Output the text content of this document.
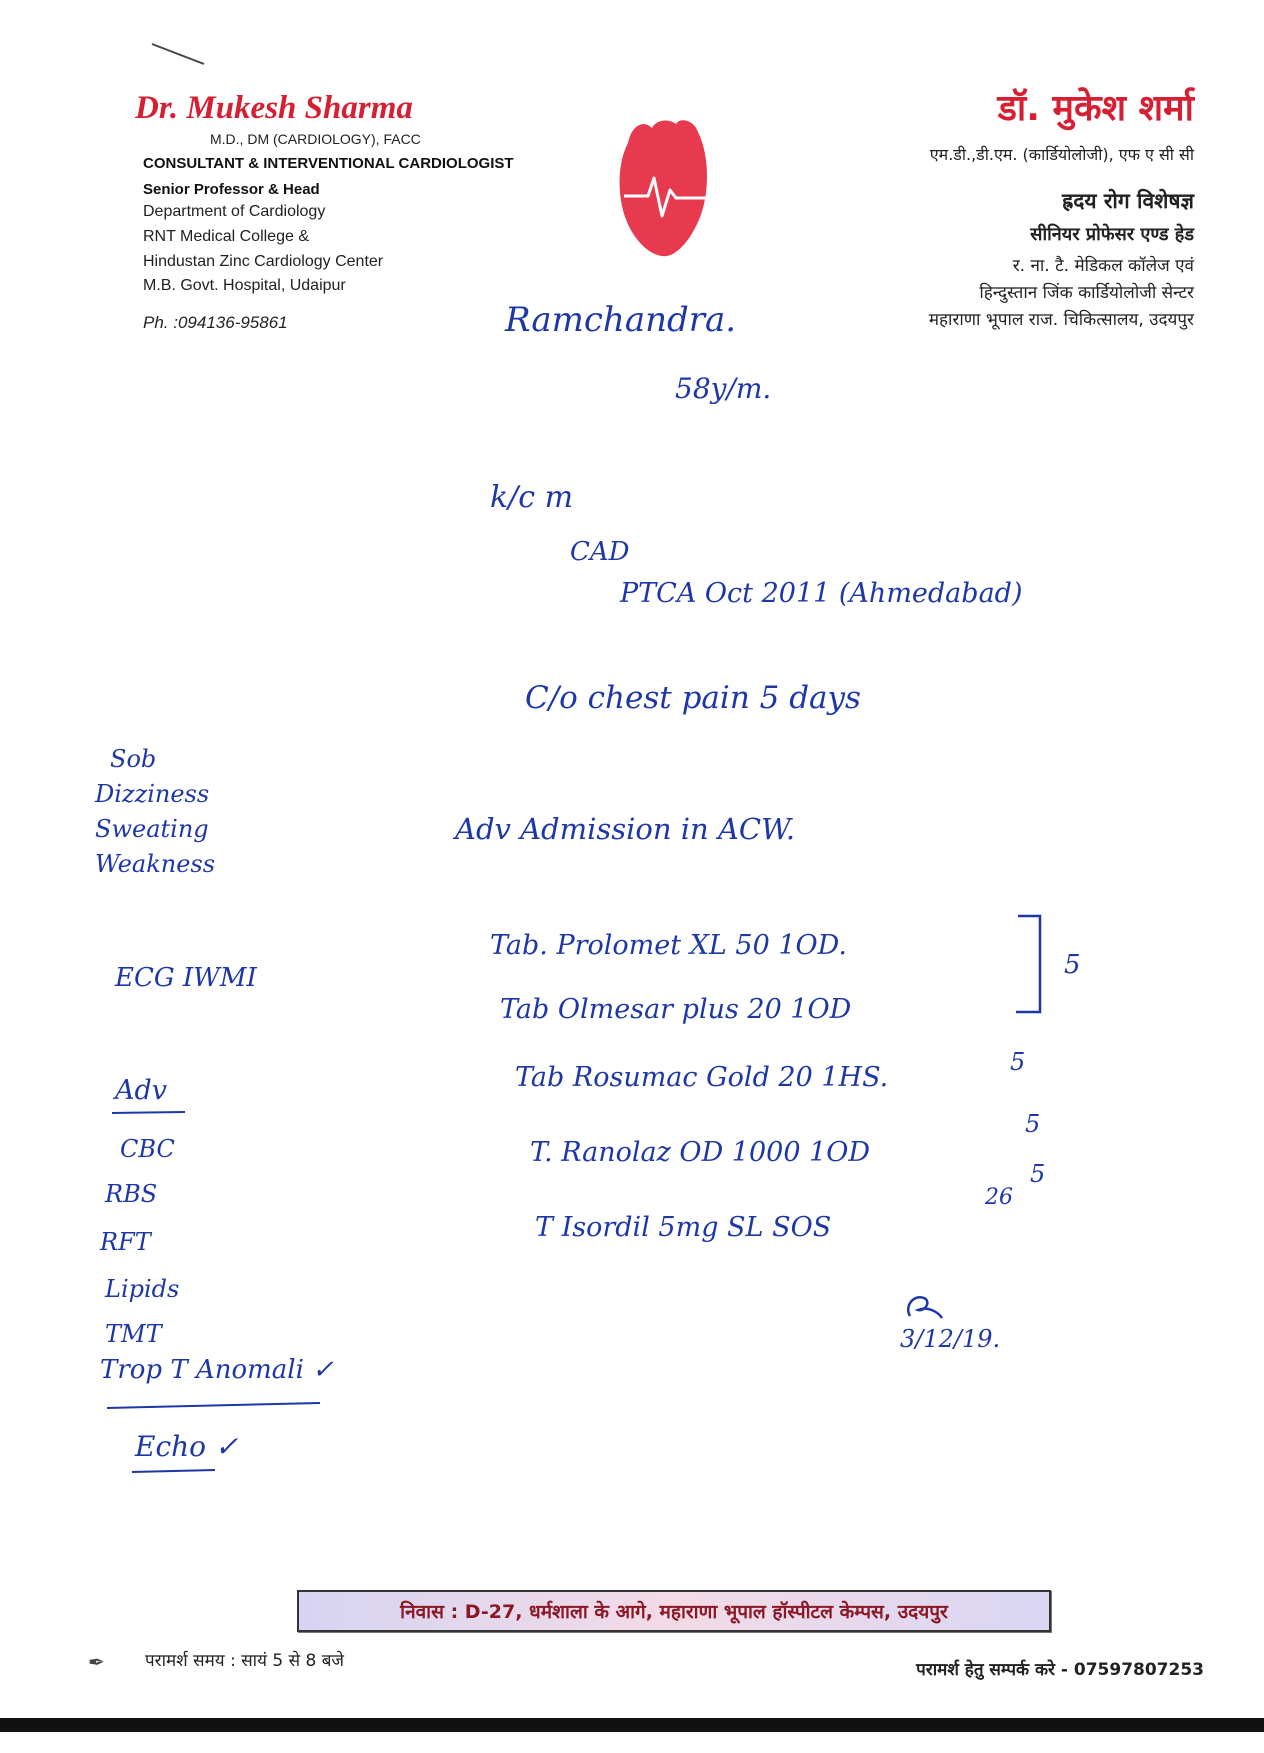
Dr. Mukesh Sharma
M.D., DM (CARDIOLOGY), FACC
CONSULTANT & INTERVENTIONAL CARDIOLOGIST
Senior Professor & Head
Department of Cardiology
RNT Medical College &
Hindustan Zinc Cardiology Center
M.B. Govt. Hospital, Udaipur
Ph. :094136-95861
डॉ. मुकेश शर्मा
एम.डी.,डी.एम. (कार्डियोलोजी), एफ ए सी सी
ह्रदय रोग विशेषज्ञ
सीनियर प्रोफेसर एण्ड हेड
र. ना. टै. मेडिकल कॉलेज एवं
हिन्दुस्तान जिंक कार्डियोलोजी सेन्टर
महाराणा भूपाल राज. चिकित्सालय, उदयपुर
Ramchandra.
58y/m.
k/c m
CAD
PTCA Oct 2011 (Ahmedabad)
C/o chest pain 5 days
Adv Admission in ACW.
Tab. Prolomet XL 50 1OD.
Tab Olmesar plus 20 1OD
Tab Rosumac Gold 20 1HS.
T. Ranolaz OD 1000 1OD
T Isordil 5mg SL SOS
5
5
5
5
26
3/12/19.
Sob
Dizziness
Sweating
Weakness
ECG IWMI
Adv
CBC
RBS
RFT
Lipids
TMT
Trop T Anomali ✓
Echo ✓
निवास : D-27, धर्मशाला के आगे, महाराणा भूपाल हॉस्पीटल केम्पस, उदयपुर
✒ परामर्श समय : सायं 5 से 8 बजे	परामर्श हेतु सम्पर्क करे - 07597807253
